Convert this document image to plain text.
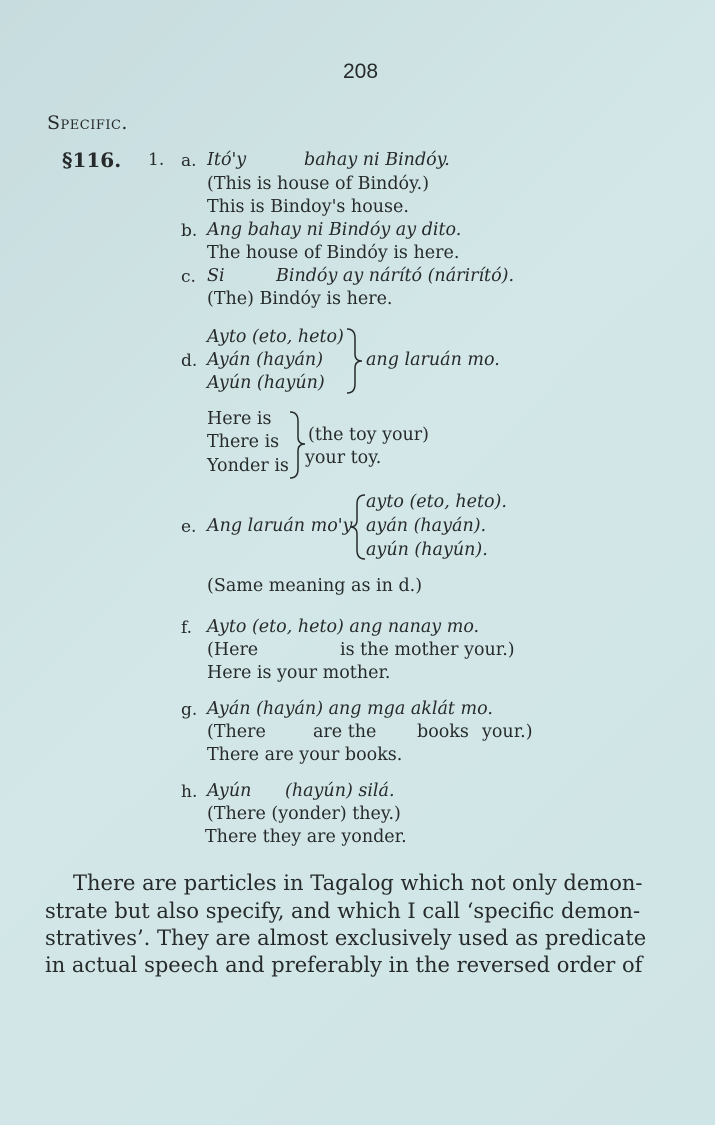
208
Specific.
§116. 1. a. Itó'y	bahay ni Bindóy.
(This is house of Bindóy.)
This is Bindoy's house.
b. Ang bahay ni Bindóy ay dito.
The house of Bindóy is here.
c. Si	Bindóy ay nárító (nárirító).
(The) Bindóy is here.
Ayto (eto, heto)
d. Ayán (hayán)
Ayún (hayún)
ang laruán mo.
Here is
There is
Yonder is
(the toy your)
your toy.
ayto (eto, heto).
e. Ang laruán mo'y ayán (hayán).
ayún (hayún).
(Same meaning as in d.)
f. Ayto (eto, heto) ang nanay mo.
(Here	is the mother your.)
Here is your mother.
g. Ayán (hayán) ang mga aklát mo.
(There	are the books your.)
There are your books.
h. Ayún (hayún) silá.
(There (yonder) they.)
There they are yonder.
There are particles in Tagalog which not only demon-
strate but also specify, and which I call ‘specific demon-
stratives’. They are almost exclusively used as predicate
in actual speech and preferably in the reversed order of
